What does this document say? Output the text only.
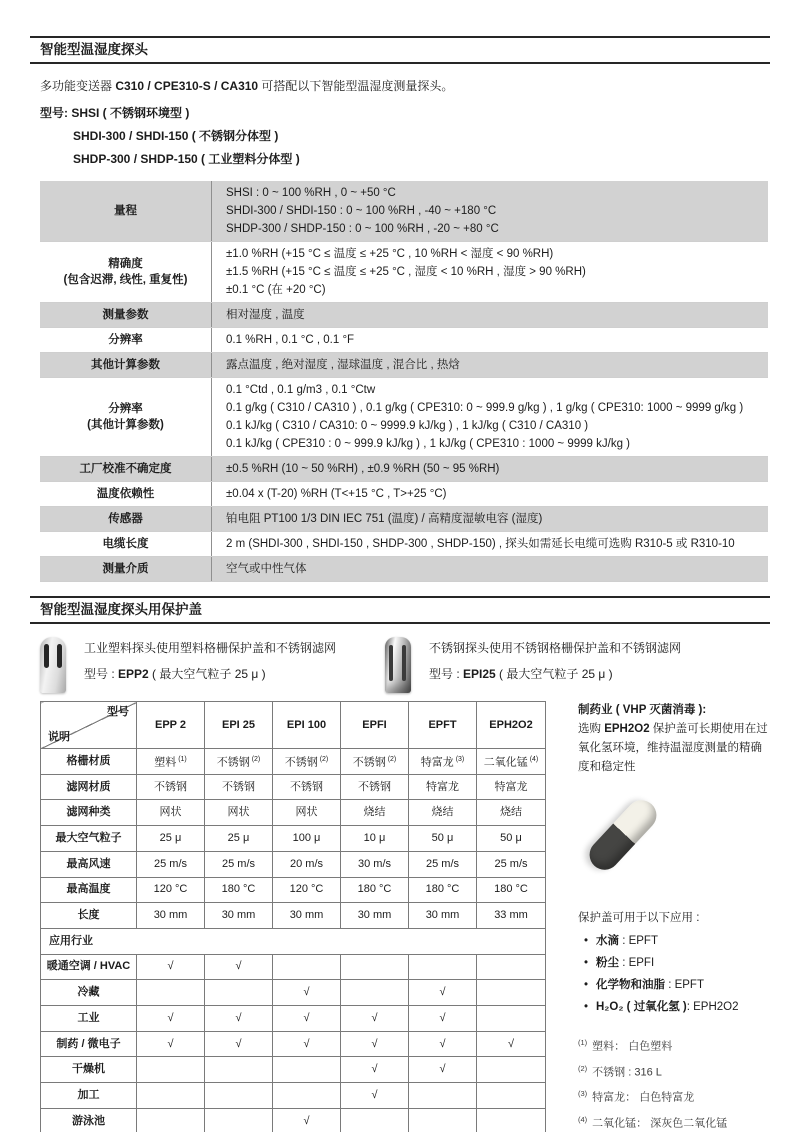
智能型温湿度探头
多功能变送器 C310 / CPE310-S / CA310 可搭配以下智能型温湿度测量探头。
型号: SHSI ( 不锈钢环境型 )
SHDI-300 / SHDI-150 ( 不锈钢分体型 )
SHDP-300 / SHDP-150 ( 工业塑料分体型 )
量程	SHSI : 0 ~ 100 %RH , 0 ~ +50 °C
SHDI-300 / SHDI-150 : 0 ~ 100 %RH , -40 ~ +180 °C
SHDP-300 / SHDP-150 : 0 ~ 100 %RH , -20 ~ +80 °C

精确度
(包含迟滞, 线性, 重复性)

±1.0 %RH (+15 °C ≤ 温度 ≤ +25 °C , 10 %RH < 湿度 < 90 %RH)
±1.5 %RH (+15 °C ≤ 温度 ≤ +25 °C , 湿度 < 10 %RH , 湿度 > 90 %RH)
±0.1 °C (在 +20 °C)

测量参数	相对湿度 , 温度

分辨率	0.1 %RH , 0.1 °C , 0.1 °F

其他计算参数	露点温度 , 绝对湿度 , 湿球温度 , 混合比 , 热焓

分辨率
(其他计算参数)

0.1 °Ctd , 0.1 g/m3 , 0.1 °Ctw
0.1 g/kg ( C310 / CA310 ) , 0.1 g/kg ( CPE310: 0 ~ 999.9 g/kg ) , 1 g/kg ( CPE310: 1000 ~ 9999 g/kg )
0.1 kJ/kg ( C310 / CA310: 0 ~ 9999.9 kJ/kg ) , 1 kJ/kg ( C310 / CA310 )
0.1 kJ/kg ( CPE310 : 0 ~ 999.9 kJ/kg ) , 1 kJ/kg ( CPE310 : 1000 ~ 9999 kJ/kg )

工厂校准不确定度	±0.5 %RH (10 ~ 50 %RH) , ±0.9 %RH (50 ~ 95 %RH)

温度依赖性	±0.04 x (T-20) %RH (T<+15 °C , T>+25 °C)

传感器	铂电阻 PT100 1/3 DIN IEC 751 (温度) / 高精度湿敏电容 (湿度)

电缆长度	2 m (SHDI-300 , SHDI-150 , SHDP-300 , SHDP-150) , 探头如需延长电缆可选购 R310-5 或 R310-10

测量介质	空气或中性气体
智能型温湿度探头用保护盖
工业塑料探头使用塑料格栅保护盖和不锈钢滤网
型号 : EPP2 ( 最大空气粒子 25 μ )
不锈钢探头使用不锈钢格栅保护盖和不锈钢滤网
型号 : EPI25 ( 最大空气粒子 25 μ )
型号
说明	EPP 2	EPI 25	EPI 100	EPFI	EPFT	EPH2O2
格栅材质	塑料 $^{(1)}$	不锈钢 $^{(2)}$	不锈钢 $^{(2)}$	不锈钢 $^{(2)}$	特富龙 $^{(3)}$	二氧化锰 $^{(4)}$
滤网材质	不锈钢	不锈钢	不锈钢	不锈钢	特富龙	特富龙
滤网种类	网状	网状	网状	烧结	烧结	烧结
最大空气粒子	25 μ	25 μ	100 μ	10 μ	50 μ	50 μ
最高风速	25 m/s	25 m/s	20 m/s	30 m/s	25 m/s	25 m/s
最高温度	120 °C	180 °C	120 °C	180 °C	180 °C	180 °C
长度	30 mm	30 mm	30 mm	30 mm	30 mm	33 mm
应用行业						
暖通空调 / HVAC	√	√				
冷藏			√		√	
工业	√	√	√	√	√	
制药 / 微电子	√	√	√	√	√	√
干燥机				√	√	
加工				√		
游泳池			√			
制药业 ( VHP 灭菌消毒 ):
选购 EPH2O2 保护盖可长期使用在过氧化氢环境，维持温湿度测量的精确度和稳定性
保护盖可用于以下应用 :
• 水滴 : EPFT
• 粉尘 : EPFI
• 化学物和油脂 : EPFT
• H₂O₂ ( 过氧化氢 ): EPH2O2
$^{(1)}$ 塑料： 白色塑料
$^{(2)}$ 不锈钢 : 316 L
$^{(3)}$ 特富龙： 白色特富龙
$^{(4)}$ 二氧化锰： 深灰色二氧化锰
